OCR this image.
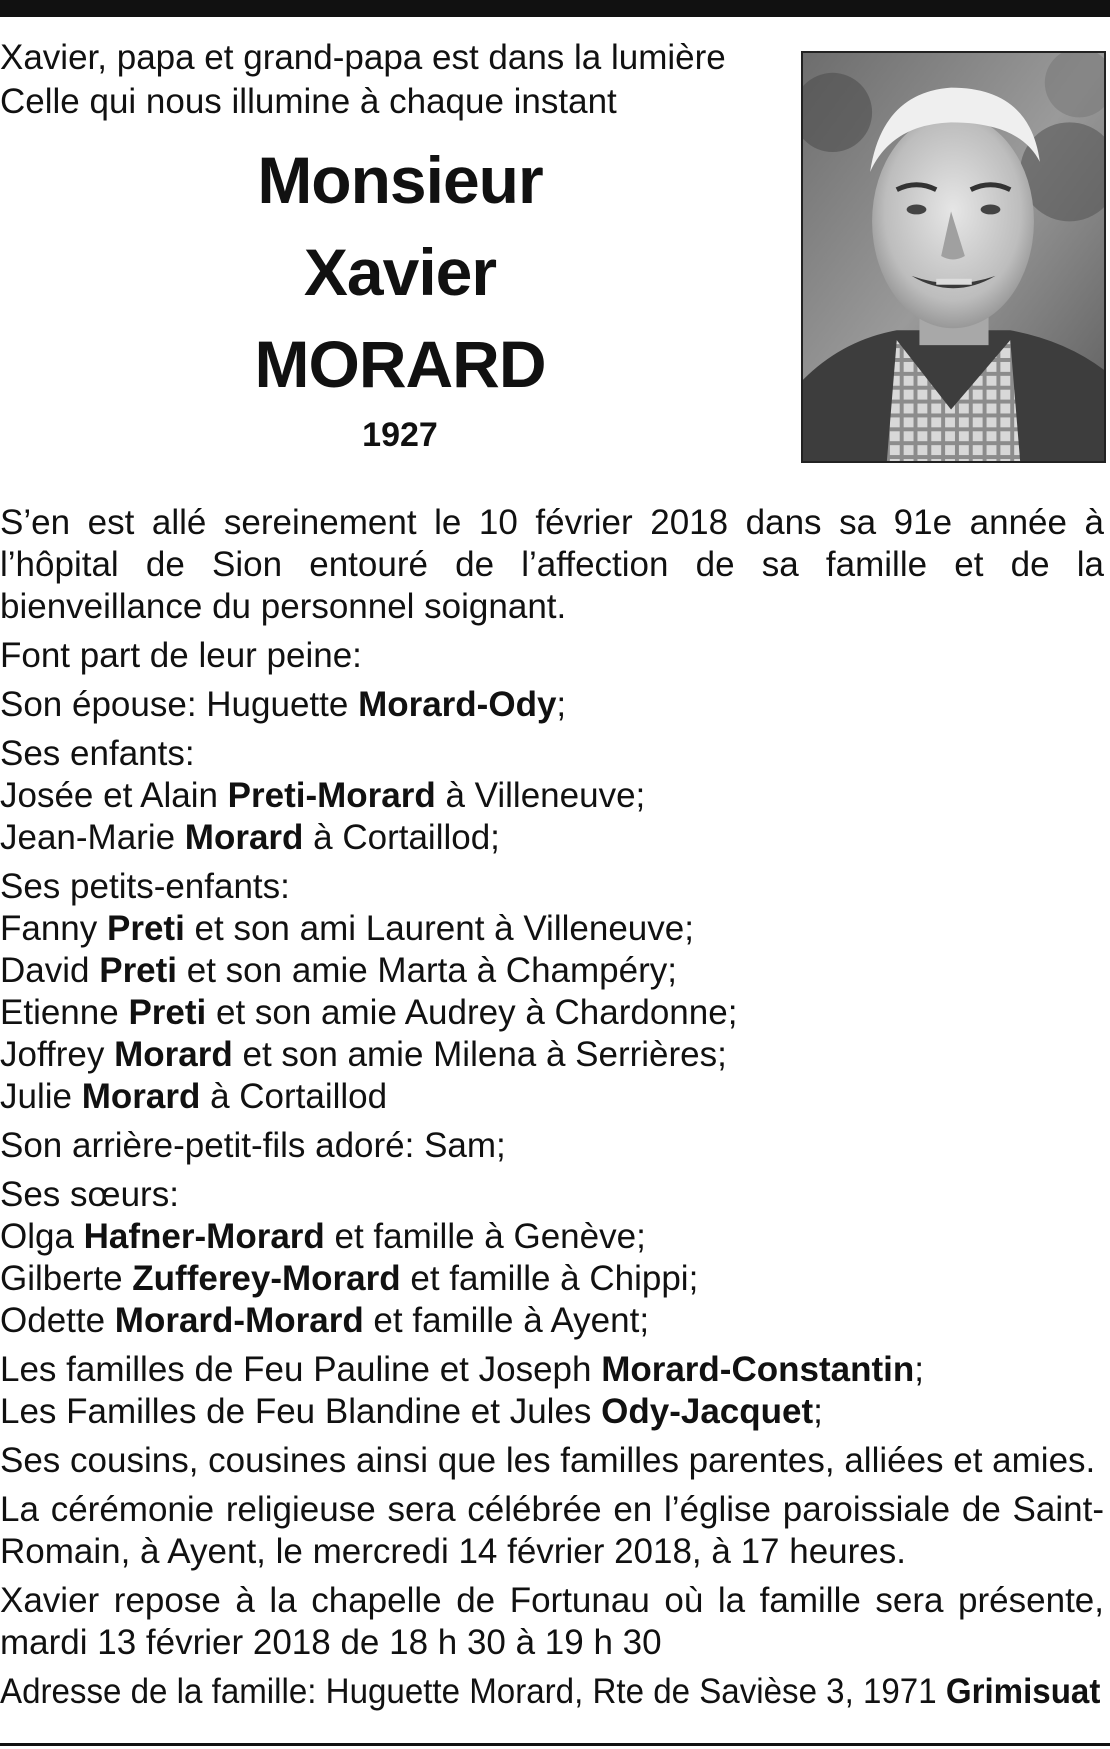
Xavier, papa et grand-papa est dans la lumière
Celle qui nous illumine à chaque instant
Monsieur
Xavier
MORARD
1927

S’en est allé sereinement le 10 février 2018 dans sa 91e année à l’hôpital de Sion entouré de l’affection de sa famille et de la bienveillance du personnel soignant.

Font part de leur peine:

Son épouse: Huguette Morard-Ody;

Ses enfants:

Josée et Alain Preti-Morard à Villeneuve;

Jean-Marie Morard à Cortaillod;

Ses petits-enfants:

Fanny Preti et son ami Laurent à Villeneuve;

David Preti et son amie Marta à Champéry;

Etienne Preti et son amie Audrey à Chardonne;

Joffrey Morard et son amie Milena à Serrières;

Julie Morard à Cortaillod

Son arrière-petit-fils adoré: Sam;

Ses sœurs:

Olga Hafner-Morard et famille à Genève;

Gilberte Zufferey-Morard et famille à Chippi;

Odette Morard-Morard et famille à Ayent;

Les familles de Feu Pauline et Joseph Morard-Constantin;

Les Familles de Feu Blandine et Jules Ody-Jacquet;

Ses cousins, cousines ainsi que les familles parentes, alliées et amies.

La cérémonie religieuse sera célébrée en l’église paroissiale de Saint-Romain, à Ayent, le mercredi 14 février 2018, à 17 heures.

Xavier repose à la chapelle de Fortunau où la famille sera présente, mardi 13 février 2018 de 18 h 30 à 19 h 30

Adresse de la famille: Huguette Morard, Rte de Savièse 3, 1971 Grimisuat
